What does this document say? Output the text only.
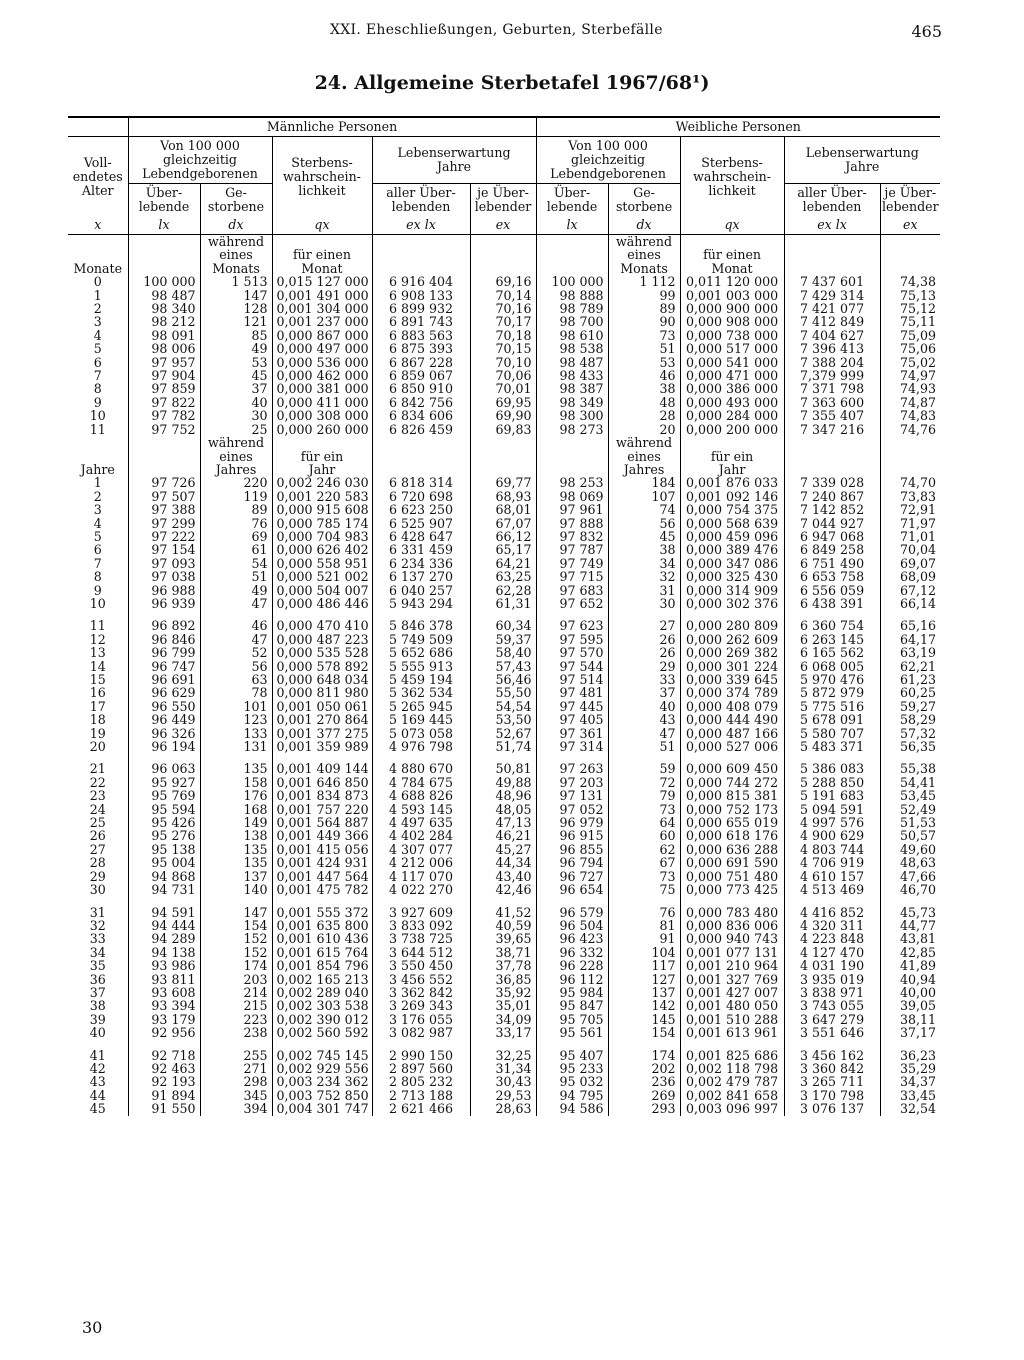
XXI. Eheschließungen, Geburten, Sterbefälle	465
24. Allgemeine Sterbetafel 1967/68¹)
	Männliche Personen					Weibliche Personen				
Voll-
endetes
Alter	Von 100 000
gleichzeitig
Lebendgeborenen		Sterbens-
wahrschein-
lichkeit	Lebenserwartung
Jahre		Von 100 000
gleichzeitig
Lebendgeborenen		Sterbens-
wahrschein-
lichkeit	Lebenserwartung
Jahre	
	Über-
lebende	Ge-
storbene		aller Über-
lebenden	je Über-
lebender	Über-
lebende	Ge-
storbene		aller Über-
lebenden	je Über-
lebender
x	lx	dx	qx	ex lx	ex	lx	dx	qx	ex lx	ex
Monate		während
eines
Monats	für einen
Monat				während
eines
Monats	für einen
Monat		
0	100 000	1 513	0,015 127 000	6 916 404	69,16	100 000	1 112	0,011 120 000	7 437 601	74,38
1	98 487	147	0,001 491 000	6 908 133	70,14	98 888	99	0,001 003 000	7 429 314	75,13
2	98 340	128	0,001 304 000	6 899 932	70,16	98 789	89	0,000 900 000	7 421 077	75,12
3	98 212	121	0,001 237 000	6 891 743	70,17	98 700	90	0,000 908 000	7 412 849	75,11
4	98 091	85	0,000 867 000	6 883 563	70,18	98 610	73	0,000 738 000	7 404 627	75,09
5	98 006	49	0,000 497 000	6 875 393	70,15	98 538	51	0,000 517 000	7 396 413	75,06
6	97 957	53	0,000 536 000	6 867 228	70,10	98 487	53	0,000 541 000	7 388 204	75,02
7	97 904	45	0,000 462 000	6 859 067	70,06	98 433	46	0,000 471 000	7,379 999	74,97
8	97 859	37	0,000 381 000	6 850 910	70,01	98 387	38	0,000 386 000	7 371 798	74,93
9	97 822	40	0,000 411 000	6 842 756	69,95	98 349	48	0,000 493 000	7 363 600	74,87
10	97 782	30	0,000 308 000	6 834 606	69,90	98 300	28	0,000 284 000	7 355 407	74,83
11	97 752	25	0,000 260 000	6 826 459	69,83	98 273	20	0,000 200 000	7 347 216	74,76
Jahre		während
eines
Jahres	für ein
Jahr				während
eines
Jahres	für ein
Jahr		
1	97 726	220	0,002 246 030	6 818 314	69,77	98 253	184	0,001 876 033	7 339 028	74,70
2	97 507	119	0,001 220 583	6 720 698	68,93	98 069	107	0,001 092 146	7 240 867	73,83
3	97 388	89	0,000 915 608	6 623 250	68,01	97 961	74	0,000 754 375	7 142 852	72,91
4	97 299	76	0,000 785 174	6 525 907	67,07	97 888	56	0,000 568 639	7 044 927	71,97
5	97 222	69	0,000 704 983	6 428 647	66,12	97 832	45	0,000 459 096	6 947 068	71,01
6	97 154	61	0,000 626 402	6 331 459	65,17	97 787	38	0,000 389 476	6 849 258	70,04
7	97 093	54	0,000 558 951	6 234 336	64,21	97 749	34	0,000 347 086	6 751 490	69,07
8	97 038	51	0,000 521 002	6 137 270	63,25	97 715	32	0,000 325 430	6 653 758	68,09
9	96 988	49	0,000 504 007	6 040 257	62,28	97 683	31	0,000 314 909	6 556 059	67,12
10	96 939	47	0,000 486 446	5 943 294	61,31	97 652	30	0,000 302 376	6 438 391	66,14

11	96 892	46	0,000 470 410	5 846 378	60,34	97 623	27	0,000 280 809	6 360 754	65,16
12	96 846	47	0,000 487 223	5 749 509	59,37	97 595	26	0,000 262 609	6 263 145	64,17
13	96 799	52	0,000 535 528	5 652 686	58,40	97 570	26	0,000 269 382	6 165 562	63,19
14	96 747	56	0,000 578 892	5 555 913	57,43	97 544	29	0,000 301 224	6 068 005	62,21
15	96 691	63	0,000 648 034	5 459 194	56,46	97 514	33	0,000 339 645	5 970 476	61,23
16	96 629	78	0,000 811 980	5 362 534	55,50	97 481	37	0,000 374 789	5 872 979	60,25
17	96 550	101	0,001 050 061	5 265 945	54,54	97 445	40	0,000 408 079	5 775 516	59,27
18	96 449	123	0,001 270 864	5 169 445	53,50	97 405	43	0,000 444 490	5 678 091	58,29
19	96 326	133	0,001 377 275	5 073 058	52,67	97 361	47	0,000 487 166	5 580 707	57,32
20	96 194	131	0,001 359 989	4 976 798	51,74	97 314	51	0,000 527 006	5 483 371	56,35

21	96 063	135	0,001 409 144	4 880 670	50,81	97 263	59	0,000 609 450	5 386 083	55,38
22	95 927	158	0,001 646 850	4 784 675	49,88	97 203	72	0,000 744 272	5 288 850	54,41
23	95 769	176	0,001 834 873	4 688 826	48,96	97 131	79	0,000 815 381	5 191 683	53,45
24	95 594	168	0,001 757 220	4 593 145	48,05	97 052	73	0,000 752 173	5 094 591	52,49
25	95 426	149	0,001 564 887	4 497 635	47,13	96 979	64	0,000 655 019	4 997 576	51,53
26	95 276	138	0,001 449 366	4 402 284	46,21	96 915	60	0,000 618 176	4 900 629	50,57
27	95 138	135	0,001 415 056	4 307 077	45,27	96 855	62	0,000 636 288	4 803 744	49,60
28	95 004	135	0,001 424 931	4 212 006	44,34	96 794	67	0,000 691 590	4 706 919	48,63
29	94 868	137	0,001 447 564	4 117 070	43,40	96 727	73	0,000 751 480	4 610 157	47,66
30	94 731	140	0,001 475 782	4 022 270	42,46	96 654	75	0,000 773 425	4 513 469	46,70

31	94 591	147	0,001 555 372	3 927 609	41,52	96 579	76	0,000 783 480	4 416 852	45,73
32	94 444	154	0,001 635 800	3 833 092	40,59	96 504	81	0,000 836 006	4 320 311	44,77
33	94 289	152	0,001 610 436	3 738 725	39,65	96 423	91	0,000 940 743	4 223 848	43,81
34	94 138	152	0,001 615 764	3 644 512	38,71	96 332	104	0,001 077 131	4 127 470	42,85
35	93 986	174	0,001 854 796	3 550 450	37,78	96 228	117	0,001 210 964	4 031 190	41,89
36	93 811	203	0,002 165 213	3 456 552	36,85	96 112	127	0,001 327 769	3 935 019	40,94
37	93 608	214	0,002 289 040	3 362 842	35,92	95 984	137	0,001 427 007	3 838 971	40,00
38	93 394	215	0,002 303 538	3 269 343	35,01	95 847	142	0,001 480 050	3 743 055	39,05
39	93 179	223	0,002 390 012	3 176 055	34,09	95 705	145	0,001 510 288	3 647 279	38,11
40	92 956	238	0,002 560 592	3 082 987	33,17	95 561	154	0,001 613 961	3 551 646	37,17

41	92 718	255	0,002 745 145	2 990 150	32,25	95 407	174	0,001 825 686	3 456 162	36,23
42	92 463	271	0,002 929 556	2 897 560	31,34	95 233	202	0,002 118 798	3 360 842	35,29
43	92 193	298	0,003 234 362	2 805 232	30,43	95 032	236	0,002 479 787	3 265 711	34,37
44	91 894	345	0,003 752 850	2 713 188	29,53	94 795	269	0,002 841 658	3 170 798	33,45
45	91 550	394	0,004 301 747	2 621 466	28,63	94 586	293	0,003 096 997	3 076 137	32,54
30
